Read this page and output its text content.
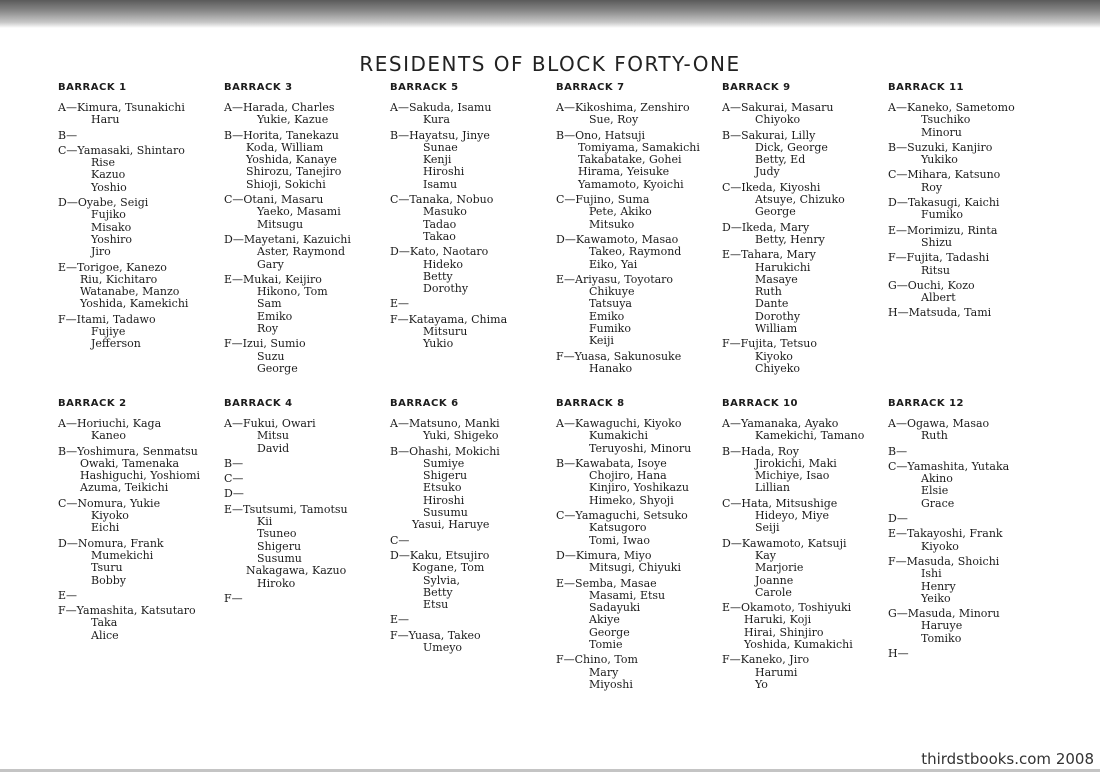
RESIDENTS OF BLOCK FORTY-ONE
BARRACK 1
A—Kimura, Tsunakichi
Haru
B—
C—Yamasaki, Shintaro
Rise
Kazuo
Yoshio
D—Oyabe, Seigi
Fujiko
Misako
Yoshiro
Jiro
E—Torigoe, Kanezo
Riu, Kichitaro
Watanabe, Manzo
Yoshida, Kamekichi
F—Itami, Tadawo
Fujiye
Jefferson
BARRACK 3
A—Harada, Charles
Yukie, Kazue
B—Horita, Tanekazu
Koda, William
Yoshida, Kanaye
Shirozu, Tanejiro
Shioji, Sokichi
C—Otani, Masaru
Yaeko, Masami
Mitsugu
D—Mayetani, Kazuichi
Aster, Raymond
Gary
E—Mukai, Keijiro
Hikono, Tom
Sam
Emiko
Roy
F—Izui, Sumio
Suzu
George
BARRACK 5
A—Sakuda, Isamu
Kura
B—Hayatsu, Jinye
Sunae
Kenji
Hiroshi
Isamu
C—Tanaka, Nobuo
Masuko
Tadao
Takao
D—Kato, Naotaro
Hideko
Betty
Dorothy
E—
F—Katayama, Chima
Mitsuru
Yukio
BARRACK 7
A—Kikoshima, Zenshiro
Sue, Roy
B—Ono, Hatsuji
Tomiyama, Samakichi
Takabatake, Gohei
Hirama, Yeisuke
Yamamoto, Kyoichi
C—Fujino, Suma
Pete, Akiko
Mitsuko
D—Kawamoto, Masao
Takeo, Raymond
Eiko, Yai
E—Ariyasu, Toyotaro
Chikuye
Tatsuya
Emiko
Fumiko
Keiji
F—Yuasa, Sakunosuke
Hanako
BARRACK 9
A—Sakurai, Masaru
Chiyoko
B—Sakurai, Lilly
Dick, George
Betty, Ed
Judy
C—Ikeda, Kiyoshi
Atsuye, Chizuko
George
D—Ikeda, Mary
Betty, Henry
E—Tahara, Mary
Harukichi
Masaye
Ruth
Dante
Dorothy
William
F—Fujita, Tetsuo
Kiyoko
Chiyeko
BARRACK 11
A—Kaneko, Sametomo
Tsuchiko
Minoru
B—Suzuki, Kanjiro
Yukiko
C—Mihara, Katsuno
Roy
D—Takasugi, Kaichi
Fumiko
E—Morimizu, Rinta
Shizu
F—Fujita, Tadashi
Ritsu
G—Ouchi, Kozo
Albert
H—Matsuda, Tami
BARRACK 2
A—Horiuchi, Kaga
Kaneo
B—Yoshimura, Senmatsu
Owaki, Tamenaka
Hashiguchi, Yoshiomi
Azuma, Teikichi
C—Nomura, Yukie
Kiyoko
Eichi
D—Nomura, Frank
Mumekichi
Tsuru
Bobby
E—
F—Yamashita, Katsutaro
Taka
Alice
BARRACK 4
A—Fukui, Owari
Mitsu
David
B—
C—
D—
E—Tsutsumi, Tamotsu
Kii
Tsuneo
Shigeru
Susumu
Nakagawa, Kazuo
Hiroko
F—
BARRACK 6
A—Matsuno, Manki
Yuki, Shigeko
B—Ohashi, Mokichi
Sumiye
Shigeru
Etsuko
Hiroshi
Susumu
Yasui, Haruye
C—
D—Kaku, Etsujiro
Kogane, Tom
Sylvia,
Betty
Etsu
E—
F—Yuasa, Takeo
Umeyo
BARRACK 8
A—Kawaguchi, Kiyoko
Kumakichi
Teruyoshi, Minoru
B—Kawabata, Isoye
Chojiro, Hana
Kinjiro, Yoshikazu
Himeko, Shyoji
C—Yamaguchi, Setsuko
Katsugoro
Tomi, Iwao
D—Kimura, Miyo
Mitsugi, Chiyuki
E—Semba, Masae
Masami, Etsu
Sadayuki
Akiye
George
Tomie
F—Chino, Tom
Mary
Miyoshi
BARRACK 10
A—Yamanaka, Ayako
Kamekichi, Tamano
B—Hada, Roy
Jirokichi, Maki
Michiye, Isao
Lillian
C—Hata, Mitsushige
Hideyo, Miye
Seiji
D—Kawamoto, Katsuji
Kay
Marjorie
Joanne
Carole
E—Okamoto, Toshiyuki
Haruki, Koji
Hirai, Shinjiro
Yoshida, Kumakichi
F—Kaneko, Jiro
Harumi
Yo
BARRACK 12
A—Ogawa, Masao
Ruth
B—
C—Yamashita, Yutaka
Akino
Elsie
Grace
D—
E—Takayoshi, Frank
Kiyoko
F—Masuda, Shoichi
Ishi
Henry
Yeiko
G—Masuda, Minoru
Haruye
Tomiko
H—
thirdstbooks.com 2008
